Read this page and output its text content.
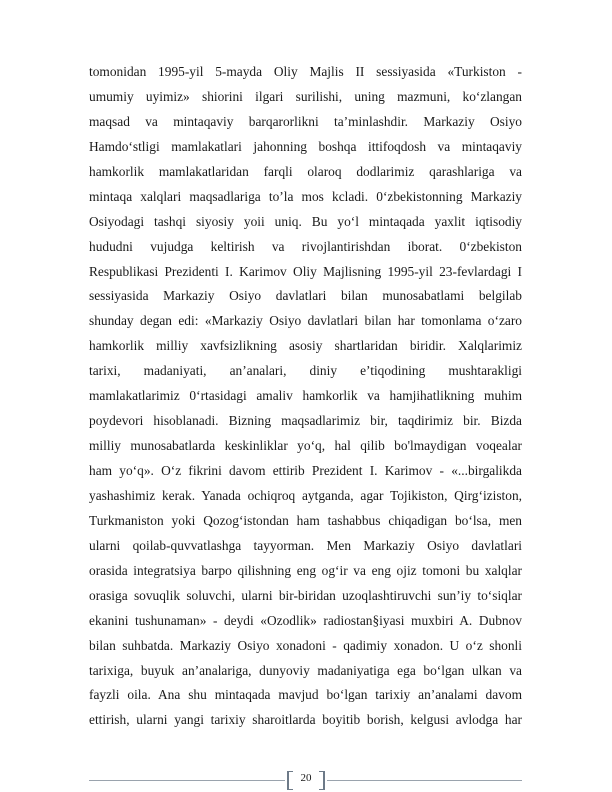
tomonidan 1995-yil 5-mayda Oliy Majlis II sessiyasida «Turkiston -
umumiy uyimiz» shiorini ilgari surilishi, uning mazmuni, ko‘zlangan
maqsad va mintaqaviy barqarorlikni ta’minlashdir. Markaziy Osiyo
Hamdo‘stligi mamlakatlari jahonning boshqa ittifoqdosh va mintaqaviy
hamkorlik mamlakatlaridan farqli olaroq dodlarimiz qarashlariga va
mintaqa xalqlari maqsadlariga to’la mos kcladi. 0‘zbekistonning Markaziy
Osiyodagi tashqi siyosiy yoii uniq. Bu yo‘l mintaqada yaxlit iqtisodiy
hududni vujudga keltirish va rivojlantirishdan iborat. 0‘zbekiston
Respublikasi Prezidenti I. Karimov Oliy Majlisning 1995-yil 23-fevlardagi I
sessiyasida Markaziy Osiyo davlatlari bilan munosabatlami belgilab
shunday degan edi: «Markaziy Osiyo davlatlari bilan har tomonlama o‘zaro
hamkorlik milliy xavfsizlikning asosiy shartlaridan biridir. Xalqlarimiz
tarixi, madaniyati, an’analari, diniy e’tiqodining mushtarakligi
mamlakatlarimiz 0‘rtasidagi amaliv hamkorlik va hamjihatlikning muhim
poydevori hisoblanadi. Bizning maqsadlarimiz bir, taqdirimiz bir. Bizda
milliy munosabatlarda keskinliklar yo‘q, hal qilib bo'lmaydigan voqealar
ham yo‘q». O‘z fikrini davom ettirib Prezident I. Karimov - «...birgalikda
yashashimiz kerak. Yanada ochiqroq aytganda, agar Tojikiston, Qirg‘iziston,
Turkmaniston yoki Qozog‘istondan ham tashabbus chiqadigan bo‘lsa, men
ularni qoilab-quvvatlashga tayyorman. Men Markaziy Osiyo davlatlari
orasida integratsiya barpo qilishning eng og‘ir va eng ojiz tomoni bu xalqlar
orasiga sovuqlik soluvchi, ularni bir-biridan uzoqlashtiruvchi sun’iy to‘siqlar
ekanini tushunaman» - deydi «Ozodlik» radiostan§iyasi muxbiri A. Dubnov
bilan suhbatda. Markaziy Osiyo xonadoni - qadimiy xonadon. U o‘z shonli
tarixiga, buyuk an’analariga, dunyoviy madaniyatiga ega bo‘lgan ulkan va
fayzli oila. Ana shu mintaqada mavjud bo‘lgan tarixiy an’analami davom
ettirish, ularni yangi tarixiy sharoitlarda boyitib borish, kelgusi avlodga har
20
